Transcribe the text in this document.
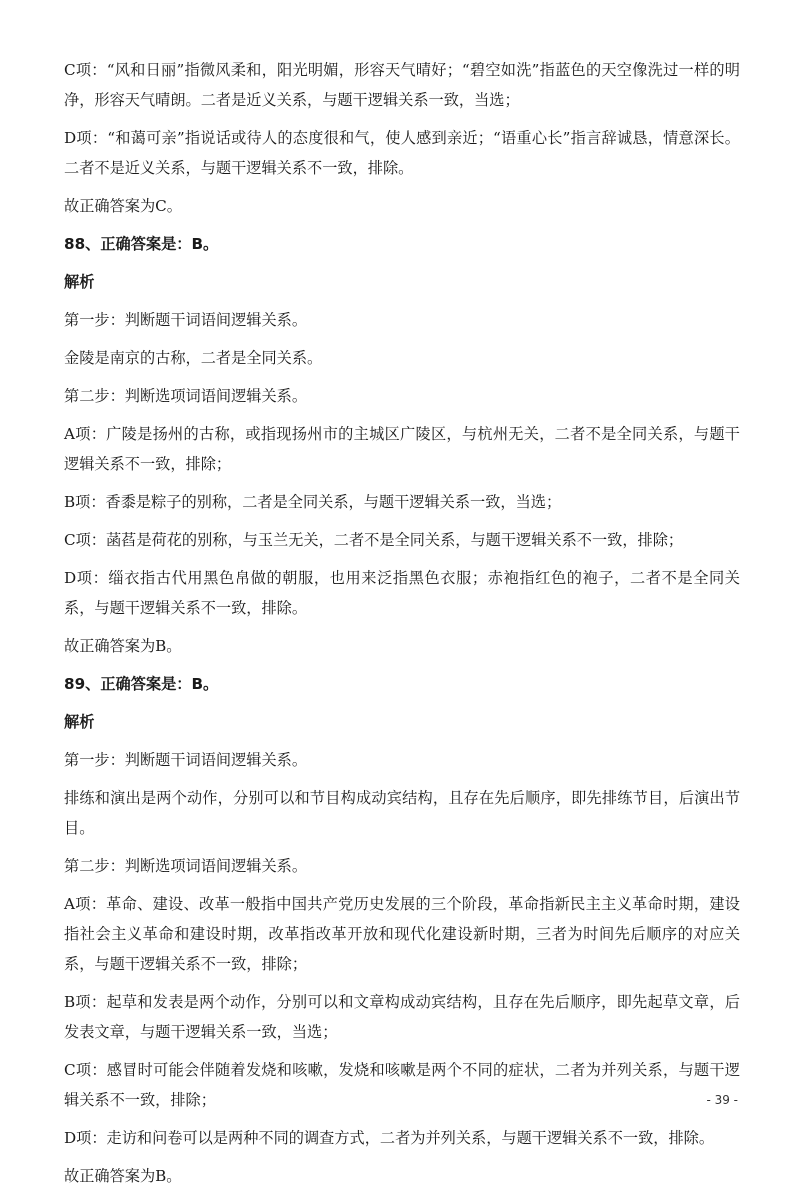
C项：“风和日丽”指微风柔和，阳光明媚，形容天气晴好；“碧空如洗”指蓝色的天空像洗过一样的明净，形容天气晴朗。二者是近义关系，与题干逻辑关系一致，当选；

D项：“和蔼可亲”指说话或待人的态度很和气，使人感到亲近；“语重心长”指言辞诚恳，情意深长。二者不是近义关系，与题干逻辑关系不一致，排除。

故正确答案为C。

88、正确答案是：B。

解析

第一步：判断题干词语间逻辑关系。

金陵是南京的古称，二者是全同关系。

第二步：判断选项词语间逻辑关系。

A项：广陵是扬州的古称，或指现扬州市的主城区广陵区，与杭州无关，二者不是全同关系，与题干逻辑关系不一致，排除；

B项：香黍是粽子的别称，二者是全同关系，与题干逻辑关系一致，当选；

C项：菡萏是荷花的别称，与玉兰无关，二者不是全同关系，与题干逻辑关系不一致，排除；

D项：缁衣指古代用黑色帛做的朝服，也用来泛指黑色衣服；赤袍指红色的袍子，二者不是全同关系，与题干逻辑关系不一致，排除。

故正确答案为B。

89、正确答案是：B。

解析

第一步：判断题干词语间逻辑关系。

排练和演出是两个动作，分别可以和节目构成动宾结构，且存在先后顺序，即先排练节目，后演出节目。

第二步：判断选项词语间逻辑关系。

A项：革命、建设、改革一般指中国共产党历史发展的三个阶段，革命指新民主主义革命时期，建设指社会主义革命和建设时期，改革指改革开放和现代化建设新时期，三者为时间先后顺序的对应关系，与题干逻辑关系不一致，排除；

B项：起草和发表是两个动作，分别可以和文章构成动宾结构，且存在先后顺序，即先起草文章，后发表文章，与题干逻辑关系一致，当选；

C项：感冒时可能会伴随着发烧和咳嗽，发烧和咳嗽是两个不同的症状，二者为并列关系，与题干逻辑关系不一致，排除；

D项：走访和问卷可以是两种不同的调查方式，二者为并列关系，与题干逻辑关系不一致，排除。

故正确答案为B。

- 39 -
